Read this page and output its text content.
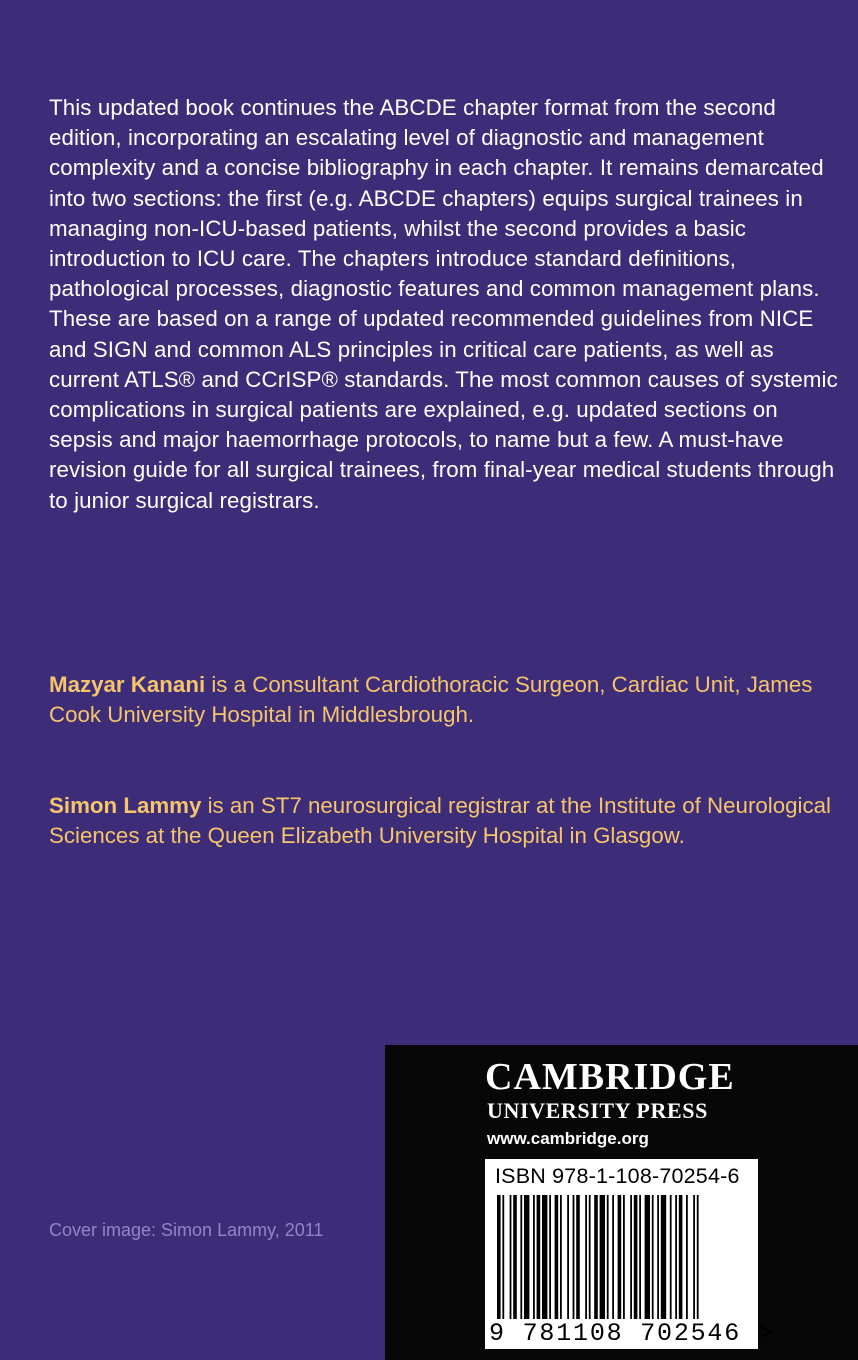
This updated book continues the ABCDE chapter format from the second edition, incorporating an escalating level of diagnostic and management complexity and a concise bibliography in each chapter. It remains demarcated into two sections: the first (e.g. ABCDE chapters) equips surgical trainees in managing non-ICU-based patients, whilst the second provides a basic introduction to ICU care. The chapters introduce standard definitions, pathological processes, diagnostic features and common management plans. These are based on a range of updated recommended guidelines from NICE and SIGN and common ALS principles in critical care patients, as well as current ATLS® and CCrISP® standards. The most common causes of systemic complications in surgical patients are explained, e.g. updated sections on sepsis and major haemorrhage protocols, to name but a few. A must-have revision guide for all surgical trainees, from final-year medical students through to junior surgical registrars.

Mazyar Kanani is a Consultant Cardiothoracic Surgeon, Cardiac Unit, James Cook University Hospital in Middlesbrough.

Simon Lammy is an ST7 neurosurgical registrar at the Institute of Neurological Sciences at the Queen Elizabeth University Hospital in Glasgow.

Cover image: Simon Lammy, 2011

CAMBRIDGE

UNIVERSITY PRESS

www.cambridge.org

ISBN 978-1-108-70254-6

9 781108 702546 >
